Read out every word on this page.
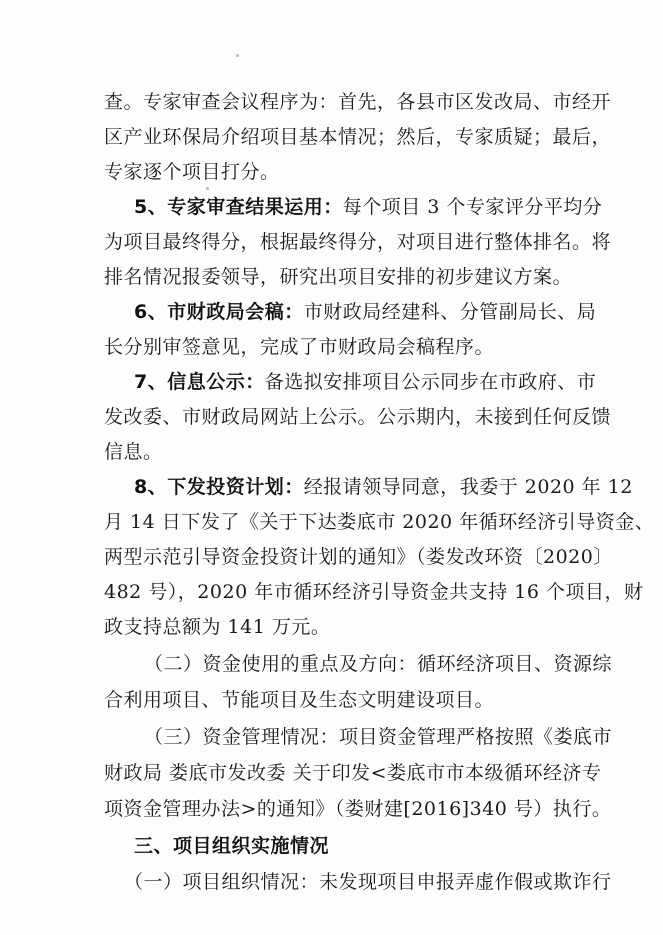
查。专家审查会议程序为：首先，各县市区发改局、市经开
区产业环保局介绍项目基本情况；然后，专家质疑；最后，
专家逐个项目打分。
5、专家审查结果运用：每个项目 3 个专家评分平均分
为项目最终得分，根据最终得分，对项目进行整体排名。将
排名情况报委领导，研究出项目安排的初步建议方案。
6、市财政局会稿：市财政局经建科、分管副局长、局
长分别审签意见，完成了市财政局会稿程序。
7、信息公示：备选拟安排项目公示同步在市政府、市
发改委、市财政局网站上公示。公示期内，未接到任何反馈
信息。
8、下发投资计划：经报请领导同意，我委于 2020 年 12
月 14 日下发了《关于下达娄底市 2020 年循环经济引导资金、
两型示范引导资金投资计划的通知》（娄发改环资〔2020〕
482 号），2020 年市循环经济引导资金共支持 16 个项目，财
政支持总额为 141 万元。
（二）资金使用的重点及方向：循环经济项目、资源综
合利用项目、节能项目及生态文明建设项目。
（三）资金管理情况：项目资金管理严格按照《娄底市
财政局 娄底市发改委 关于印发<娄底市市本级循环经济专
项资金管理办法>的通知》（娄财建[2016]340 号）执行。
三、项目组织实施情况
（一）项目组织情况：未发现项目申报弄虚作假或欺诈行
